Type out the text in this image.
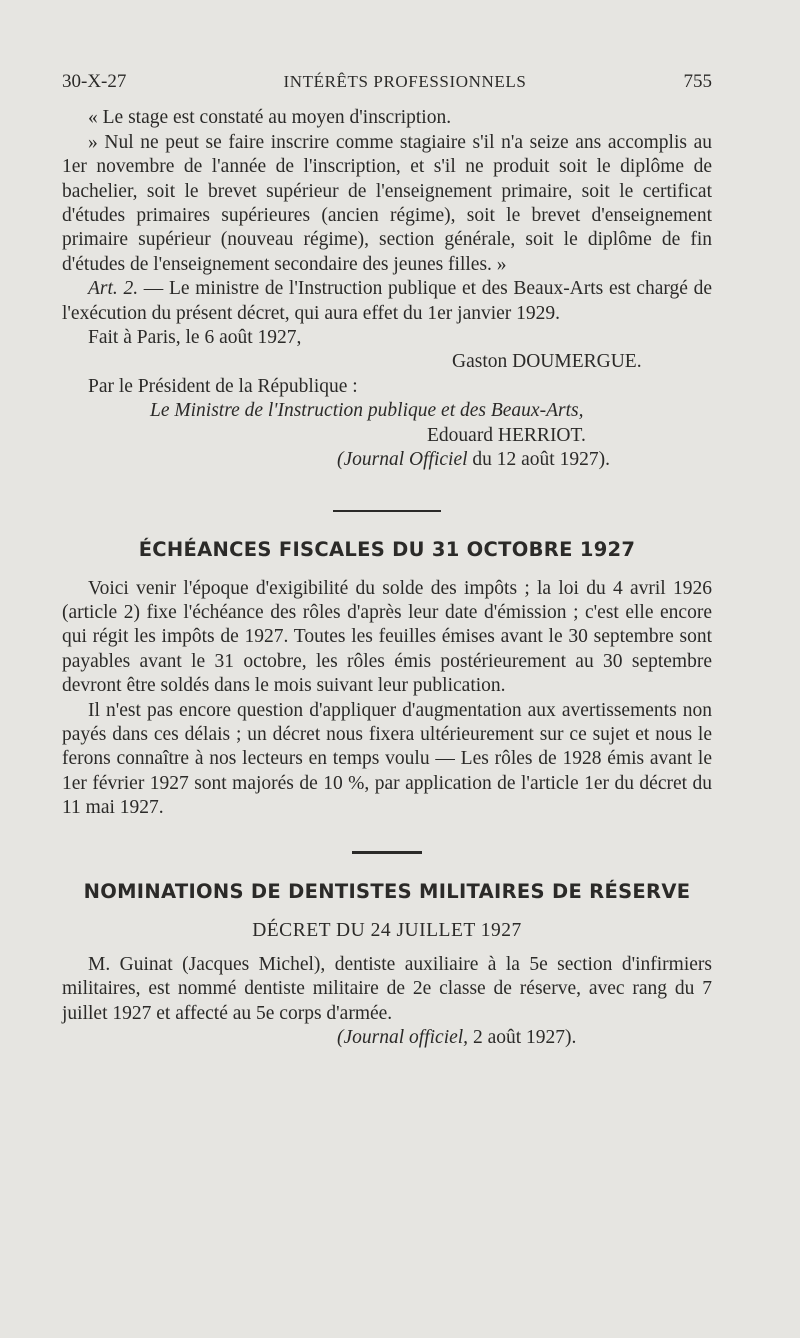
30-X-27	INTÉRÊTS PROFESSIONNELS	755

« Le stage est constaté au moyen d'inscription.

» Nul ne peut se faire inscrire comme stagiaire s'il n'a seize ans accomplis au 1er novembre de l'année de l'inscription, et s'il ne produit soit le diplôme de bachelier, soit le brevet supérieur de l'enseignement primaire, soit le certificat d'études primaires supérieures (ancien régime), soit le brevet d'enseignement primaire supérieur (nouveau régime), section générale, soit le diplôme de fin d'études de l'enseignement secondaire des jeunes filles. »

Art. 2. — Le ministre de l'Instruction publique et des Beaux-Arts est chargé de l'exécution du présent décret, qui aura effet du 1er janvier 1929.

Fait à Paris, le 6 août 1927,

Gaston DOUMERGUE.

Par le Président de la République :

Le Ministre de l'Instruction publique et des Beaux-Arts,

Edouard HERRIOT.

(Journal Officiel du 12 août 1927).

ÉCHÉANCES FISCALES DU 31 OCTOBRE 1927

Voici venir l'époque d'exigibilité du solde des impôts ; la loi du 4 avril 1926 (article 2) fixe l'échéance des rôles d'après leur date d'émission ; c'est elle encore qui régit les impôts de 1927. Toutes les feuilles émises avant le 30 septembre sont payables avant le 31 octobre, les rôles émis postérieurement au 30 septembre devront être soldés dans le mois suivant leur publication.

Il n'est pas encore question d'appliquer d'augmentation aux avertissements non payés dans ces délais ; un décret nous fixera ultérieurement sur ce sujet et nous le ferons connaître à nos lecteurs en temps voulu — Les rôles de 1928 émis avant le 1er février 1927 sont majorés de 10 %, par application de l'article 1er du décret du 11 mai 1927.

NOMINATIONS DE DENTISTES MILITAIRES DE RÉSERVE

DÉCRET DU 24 JUILLET 1927

M. Guinat (Jacques Michel), dentiste auxiliaire à la 5e section d'infirmiers militaires, est nommé dentiste militaire de 2e classe de réserve, avec rang du 7 juillet 1927 et affecté au 5e corps d'armée.

(Journal officiel, 2 août 1927).
